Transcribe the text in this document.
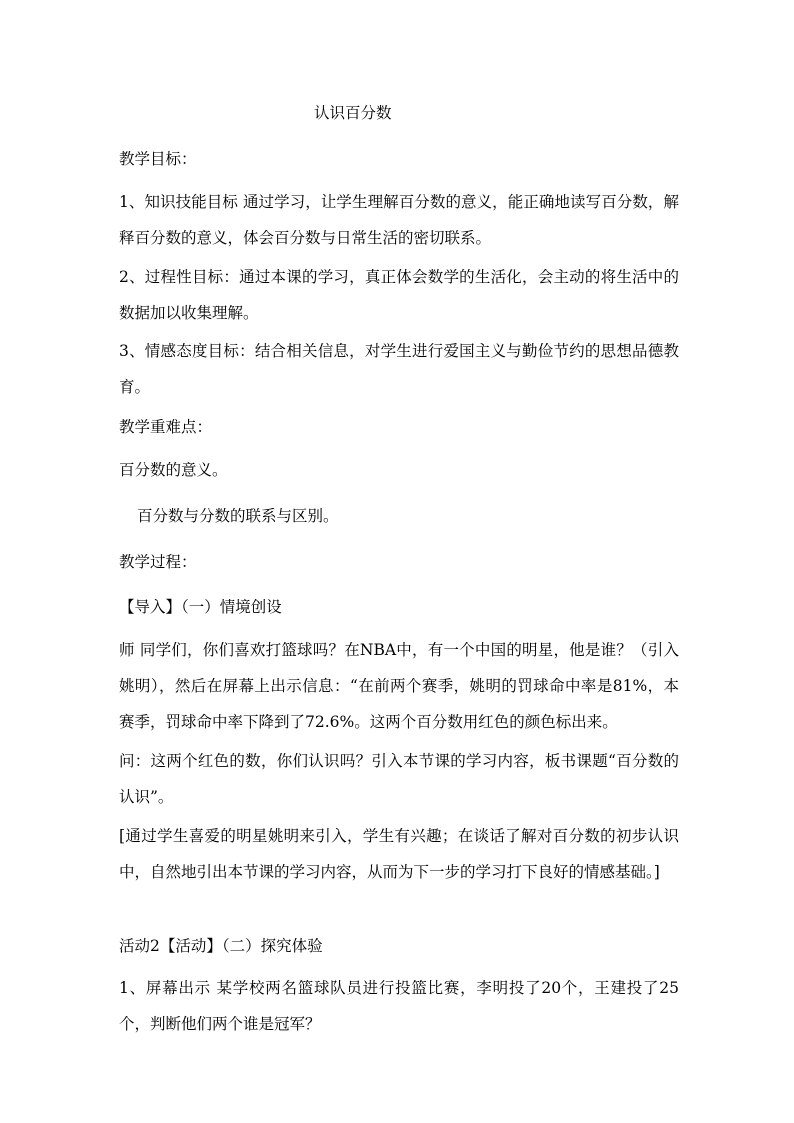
认识百分数
教学目标：
1、知识技能目标 通过学习，让学生理解百分数的意义，能正确地读写百分数，解释百分数的意义，体会百分数与日常生活的密切联系。
2、过程性目标：通过本课的学习，真正体会数学的生活化，会主动的将生活中的数据加以收集理解。
3、情感态度目标：结合相关信息，对学生进行爱国主义与勤俭节约的思想品德教育。
教学重难点：
百分数的意义。
百分数与分数的联系与区别。
教学过程：
【导入】（一）情境创设
师 同学们，你们喜欢打篮球吗？在NBA中，有一个中国的明星，他是谁？（引入姚明），然后在屏幕上出示信息：“在前两个赛季，姚明的罚球命中率是81%，本赛季，罚球命中率下降到了72.6%。这两个百分数用红色的颜色标出来。
问：这两个红色的数，你们认识吗？引入本节课的学习内容，板书课题“百分数的认识”。
[通过学生喜爱的明星姚明来引入，学生有兴趣；在谈话了解对百分数的初步认识中，自然地引出本节课的学习内容，从而为下一步的学习打下良好的情感基础。]
活动2【活动】（二）探究体验
1、屏幕出示 某学校两名篮球队员进行投篮比赛，李明投了20个，王建投了25个，判断他们两个谁是冠军？
